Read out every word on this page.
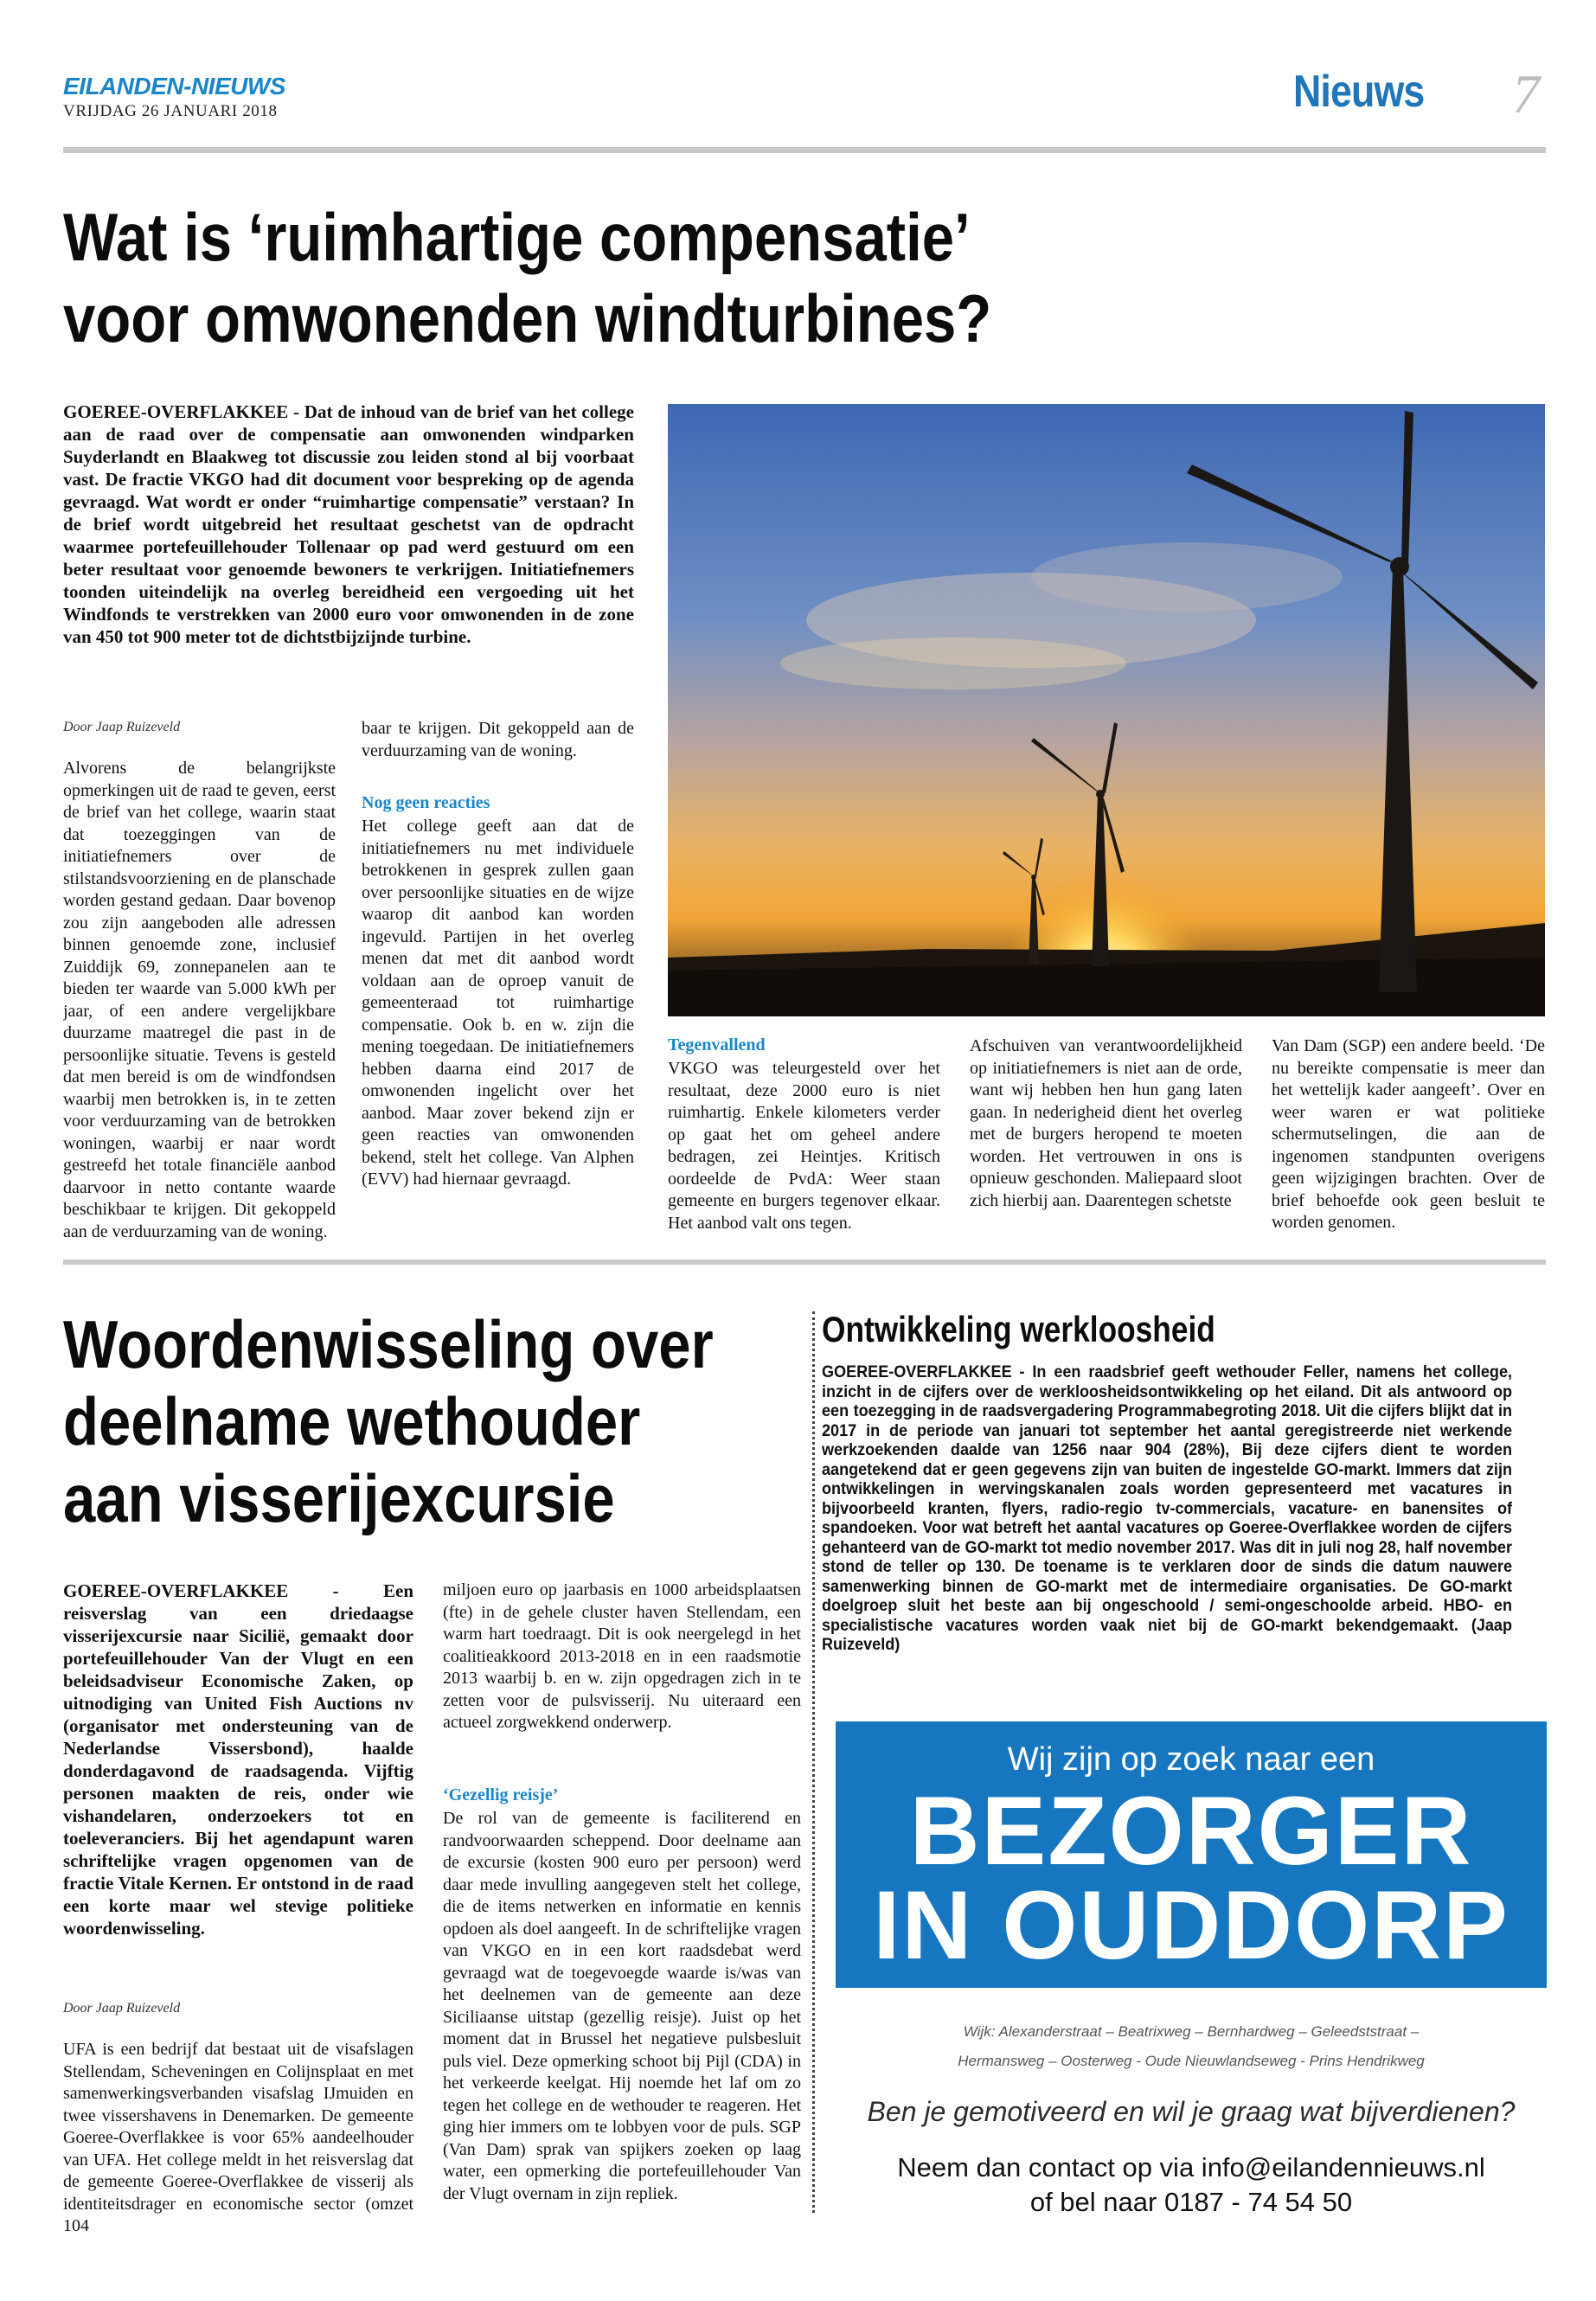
EILANDEN-NIEUWS
VRIJDAG 26 JANUARI 2018	Nieuws 7
Wat is ‘ruimhartige compensatie’
voor omwonenden windturbines?
GOEREE-OVERFLAKKEE - Dat de inhoud van de brief van het college aan de raad over de compensatie aan omwonenden windparken Suyderlandt en Blaakweg tot discussie zou leiden stond al bij voorbaat vast. De fractie VKGO had dit document voor bespreking op de agenda gevraagd. Wat wordt er onder “ruimhartige compensatie” verstaan? In de brief wordt uitgebreid het resultaat geschetst van de opdracht waarmee portefeuillehouder Tollenaar op pad werd gestuurd om een beter resultaat voor genoemde bewoners te verkrijgen. Initiatiefnemers toonden uiteindelijk na overleg bereidheid een vergoeding uit het Windfonds te verstrekken van 2000 euro voor omwonenden in de zone van 450 tot 900 meter tot de dichtstbijzijnde turbine.
Door Jaap Ruizeveld
Alvorens de belangrijkste opmerkingen uit de raad te geven, eerst de brief van het college, waarin staat dat toezeggingen van de initiatiefnemers over de stilstandsvoorziening en de planschade worden gestand gedaan. Daar bovenop zou zijn aangeboden alle adressen binnen genoemde zone, inclusief Zuiddijk 69, zonnepanelen aan te bieden ter waarde van 5.000 kWh per jaar, of een andere vergelijkbare duurzame maatregel die past in de persoonlijke situatie. Tevens is gesteld dat men bereid is om de windfondsen waarbij men betrokken is, in te zetten voor verduurzaming van de betrokken woningen, waarbij er naar wordt gestreefd het totale financiële aanbod daarvoor in netto contante waarde beschikbaar te krijgen. Dit gekoppeld aan de verduurzaming van de woning.
baar te krijgen. Dit gekoppeld aan de verduurzaming van de woning.
Nog geen reacties
Het college geeft aan dat de initiatiefnemers nu met individuele betrokkenen in gesprek zullen gaan over persoonlijke situaties en de wijze waarop dit aanbod kan worden ingevuld. Partijen in het overleg menen dat met dit aanbod wordt voldaan aan de oproep vanuit de gemeenteraad tot ruimhartige compensatie. Ook b. en w. zijn die mening toegedaan. De initiatiefnemers hebben daarna eind 2017 de omwonenden ingelicht over het aanbod. Maar zover bekend zijn er geen reacties van omwonenden bekend, stelt het college. Van Alphen (EVV) had hiernaar gevraagd.
Tegenvallend
VKGO was teleurgesteld over het resultaat, deze 2000 euro is niet ruimhartig. Enkele kilometers verder op gaat het om geheel andere bedragen, zei Heintjes. Kritisch oordeelde de PvdA: Weer staan gemeente en burgers tegenover elkaar. Het aanbod valt ons tegen.
Afschuiven van verantwoordelijkheid op initiatiefnemers is niet aan de orde, want wij hebben hen hun gang laten gaan. In nederigheid dient het overleg met de burgers heropend te moeten worden. Het vertrouwen in ons is opnieuw geschonden. Maliepaard sloot zich hierbij aan. Daarentegen schetste
Van Dam (SGP) een andere beeld. ‘De nu bereikte compensatie is meer dan het wettelijk kader aangeeft’. Over en weer waren er wat politieke schermutselingen, die aan de ingenomen standpunten overigens geen wijzigingen brachten. Over de brief behoefde ook geen besluit te worden genomen.
Woordenwisseling over
deelname wethouder
aan visserijexcursie
GOEREE-OVERFLAKKEE - Een reisverslag van een driedaagse visserijexcursie naar Sicilië, gemaakt door portefeuillehouder Van der Vlugt en een beleidsadviseur Economische Zaken, op uitnodiging van United Fish Auctions nv (organisator met ondersteuning van de Nederlandse Vissersbond), haalde donderdagavond de raadsagenda. Vijftig personen maakten de reis, onder wie vishandelaren, onderzoekers tot en toeleveranciers. Bij het agendapunt waren schriftelijke vragen opgenomen van de fractie Vitale Kernen. Er ontstond in de raad een korte maar wel stevige politieke woordenwisseling.
Door Jaap Ruizeveld
UFA is een bedrijf dat bestaat uit de visafslagen Stellendam, Scheveningen en Colijnsplaat en met samenwerkingsverbanden visafslag IJmuiden en twee vissershavens in Denemarken. De gemeente Goeree-Overflakkee is voor 65% aandeelhouder van UFA. Het college meldt in het reisverslag dat de gemeente Goeree-Overflakkee de visserij als identiteitsdrager en economische sector (omzet 104
miljoen euro op jaarbasis en 1000 arbeidsplaatsen (fte) in de gehele cluster haven Stellendam, een warm hart toedraagt. Dit is ook neergelegd in het coalitieakkoord 2013-2018 en in een raadsmotie 2013 waarbij b. en w. zijn opgedragen zich in te zetten voor de pulsvisserij. Nu uiteraard een actueel zorgwekkend onderwerp.
‘Gezellig reisje’
De rol van de gemeente is faciliterend en randvoorwaarden scheppend. Door deelname aan de excursie (kosten 900 euro per persoon) werd daar mede invulling aangegeven stelt het college, die de items netwerken en informatie en kennis opdoen als doel aangeeft. In de schriftelijke vragen van VKGO en in een kort raadsdebat werd gevraagd wat de toegevoegde waarde is/was van het deelnemen van de gemeente aan deze Siciliaanse uitstap (gezellig reisje). Juist op het moment dat in Brussel het negatieve pulsbesluit puls viel. Deze opmerking schoot bij Pijl (CDA) in het verkeerde keelgat. Hij noemde het laf om zo tegen het college en de wethouder te reageren. Het ging hier immers om te lobbyen voor de puls. SGP (Van Dam) sprak van spijkers zoeken op laag water, een opmerking die portefeuillehouder Van der Vlugt overnam in zijn repliek.
Ontwikkeling werkloosheid
GOEREE-OVERFLAKKEE - In een raadsbrief geeft wethouder Feller, namens het college, inzicht in de cijfers over de werkloosheidsontwikkeling op het eiland. Dit als antwoord op een toezegging in de raadsvergadering Programmabegroting 2018. Uit die cijfers blijkt dat in 2017 in de periode van januari tot september het aantal geregistreerde niet werkende werkzoekenden daalde van 1256 naar 904 (28%), Bij deze cijfers dient te worden aangetekend dat er geen gegevens zijn van buiten de ingestelde GO-markt. Immers dat zijn ontwikkelingen in wervingskanalen zoals worden gepresenteerd met vacatures in bijvoorbeeld kranten, flyers, radio-regio tv-commercials, vacature- en banensites of spandoeken. Voor wat betreft het aantal vacatures op Goeree-Overflakkee worden de cijfers gehanteerd van de GO-markt tot medio november 2017. Was dit in juli nog 28, half november stond de teller op 130. De toename is te verklaren door de sinds die datum nauwere samenwerking binnen de GO-markt met de intermediaire organisaties. De GO-markt doelgroep sluit het beste aan bij ongeschoold / semi-ongeschoolde arbeid. HBO- en specialistische vacatures worden vaak niet bij de GO-markt bekendgemaakt. (Jaap Ruizeveld)
Wij zijn op zoek naar een
BEZORGER
IN OUDDORP
Wijk: Alexanderstraat – Beatrixweg – Bernhardweg – Geleedststraat –
Hermansweg – Oosterweg - Oude Nieuwlandseweg - Prins Hendrikweg
Ben je gemotiveerd en wil je graag wat bijverdienen?
Neem dan contact op via info@eilandennieuws.nl
of bel naar 0187 - 74 54 50
